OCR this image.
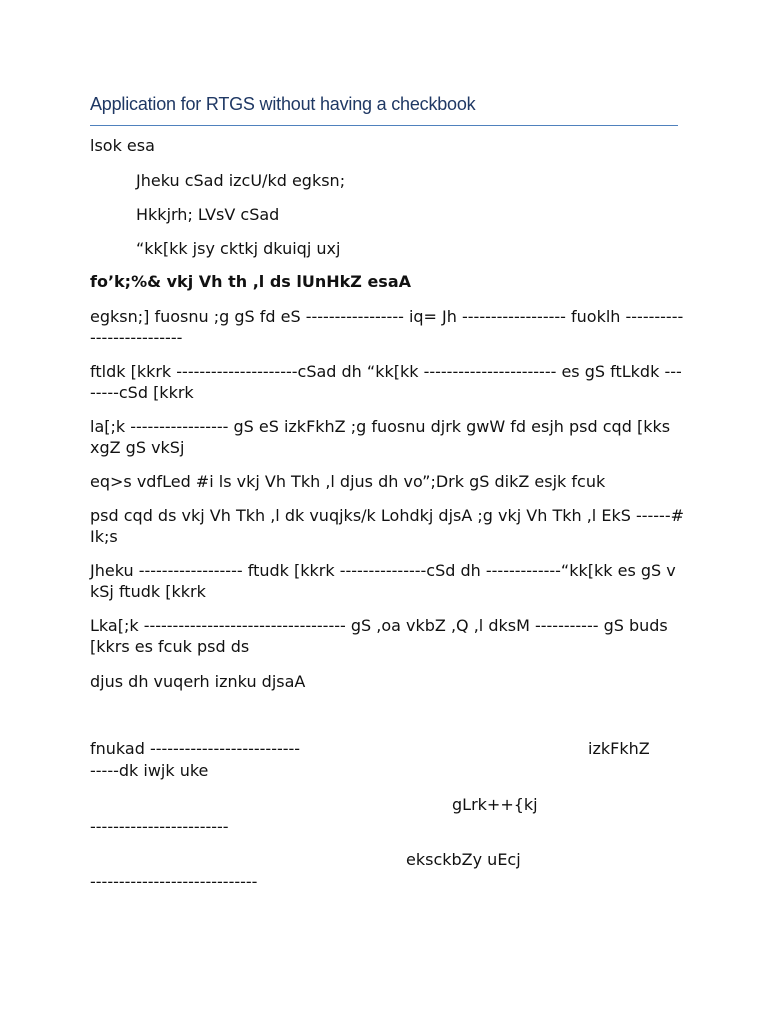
Application for RTGS without having a checkbook
lsok esa
Jheku cSad izcU/kd egksn;
Hkkjrh; LVsV cSad
“kk[kk jsy cktkj dkuiqj uxj
fo’k;%& vkj Vh th ,l ds lUnHkZ esaA
egksn;] fuosnu ;g gS fd eS ----------------- iq= Jh ------------------ fuoklh --------------------------
ftldk [kkrk ---------------------cSad dh “kk[kk ----------------------- es gS ftLkdk --------cSd [kkrk
la[;k ----------------- gS eS izkFkhZ ;g fuosnu djrk gwW fd esjh psd cqd [kks xgZ gS vkSj
eq>s vdfLed #i ls vkj Vh Tkh ,l djus dh vo”;Drk gS dikZ esjk fcuk
psd cqd ds vkj Vh Tkh ,l dk vuqjks/k Lohdkj djsA ;g vkj Vh Tkh ,l EkS ------#Ik;s
Jheku ------------------ ftudk [kkrk ---------------cSd dh -------------“kk[kk es gS vkSj ftudk [kkrk
Lka[;k ----------------------------------- gS ,oa vkbZ ,Q ,l dksM ----------- gS buds [kkrs es fcuk psd ds
djus dh vuqerh iznku djsaA
fnukad --------------------------	izkFkhZ
-----dk iwjk uke
gLrk++{kj
------------------------
eksckbZy uEcj
-----------------------------
